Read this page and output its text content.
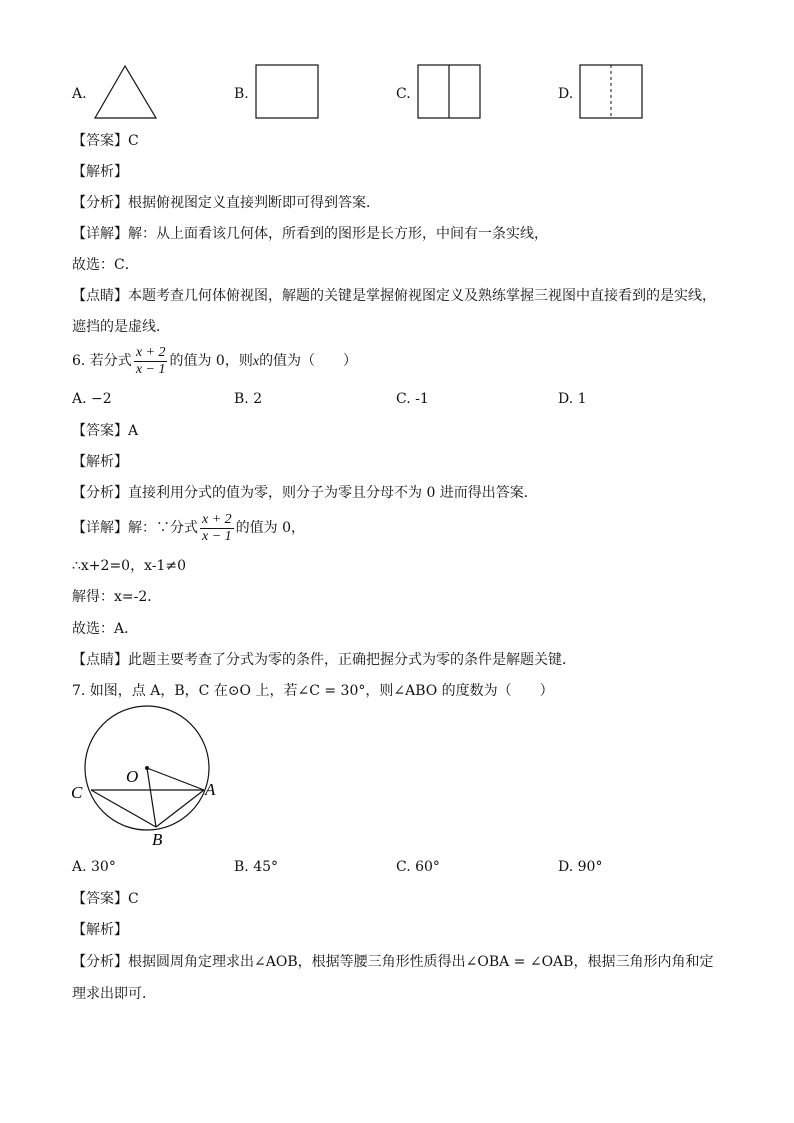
A.	B.	C.	D.
【答案】C
【解析】
【分析】根据俯视图定义直接判断即可得到答案．
【详解】解：从上面看该几何体，所看到的图形是长方形，中间有一条实线，
故选：C．
【点睛】本题考查几何体俯视图，解题的关键是掌握俯视图定义及熟练掌握三视图中直接看到的是实线，
遮挡的是虚线．
6. 若分式 $\frac{x + 2}{x - 1}$ 的值为 0，则x的值为（　　）
A. −2	B. 2	C. -1	D. 1
【答案】A
【解析】
【分析】直接利用分式的值为零，则分子为零且分母不为 0 进而得出答案．
【详解】解：∵分式 $\frac{x + 2}{x - 1}$ 的值为 0，
∴x+2=0，x-1≠0
解得：x=-2．
故选：A．
【点睛】此题主要考查了分式为零的条件，正确把握分式为零的条件是解题关键．
7. 如图，点 A，B，C 在⊙O 上，若∠C = 30°，则∠ABO 的度数为（　　）
O
A
B
C
A. 30°	B. 45°	C. 60°	D. 90°
【答案】C
【解析】
【分析】根据圆周角定理求出∠AOB，根据等腰三角形性质得出∠OBA = ∠OAB，根据三角形内角和定
理求出即可．
